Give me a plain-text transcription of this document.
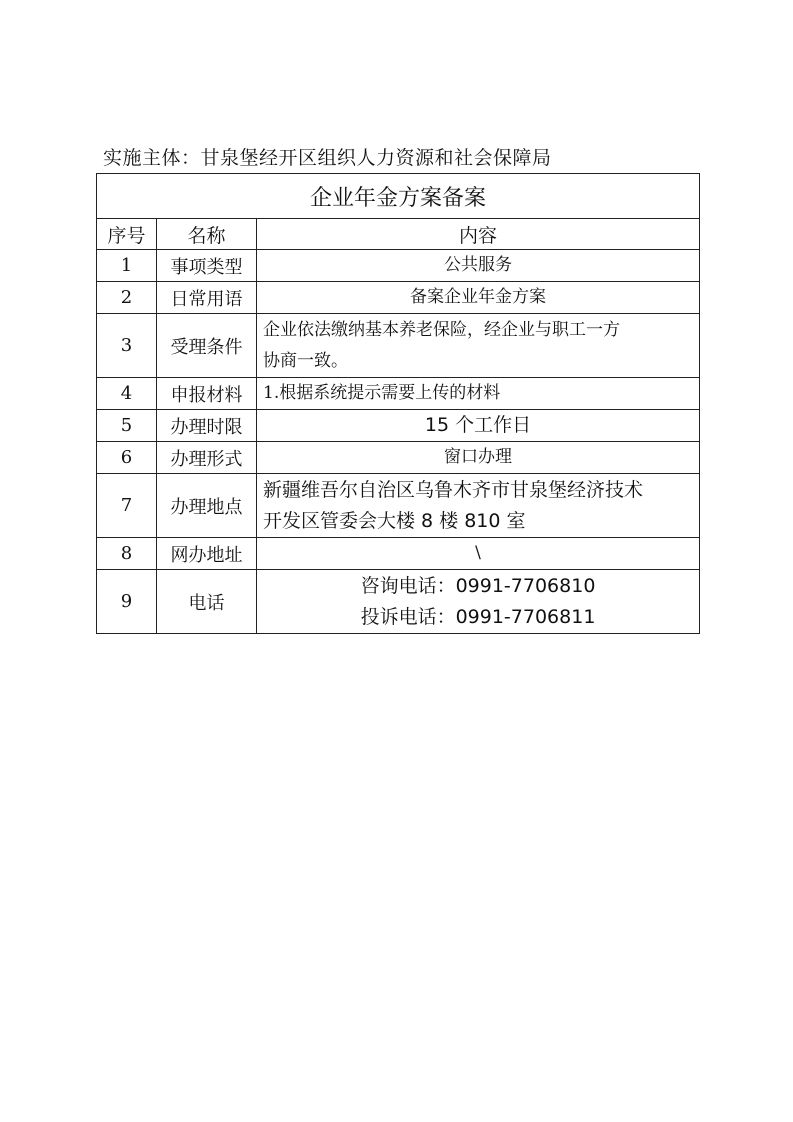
实施主体：甘泉堡经开区组织人力资源和社会保障局
企业年金方案备案		
序号	名称	内容
1	事项类型	公共服务
2	日常用语	备案企业年金方案
3	受理条件	企业依法缴纳基本养老保险，经企业与职工一方
协商一致。

4	申报材料	1.根据系统提示需要上传的材料
5	办理时限	15 个工作日
6	办理形式	窗口办理
7	办理地点	新疆维吾尔自治区乌鲁木齐市甘泉堡经济技术
开发区管委会大楼 8 楼 810 室

8	网办地址	\
9	电话	咨询电话：0991-7706810
投诉电话：0991-7706811
